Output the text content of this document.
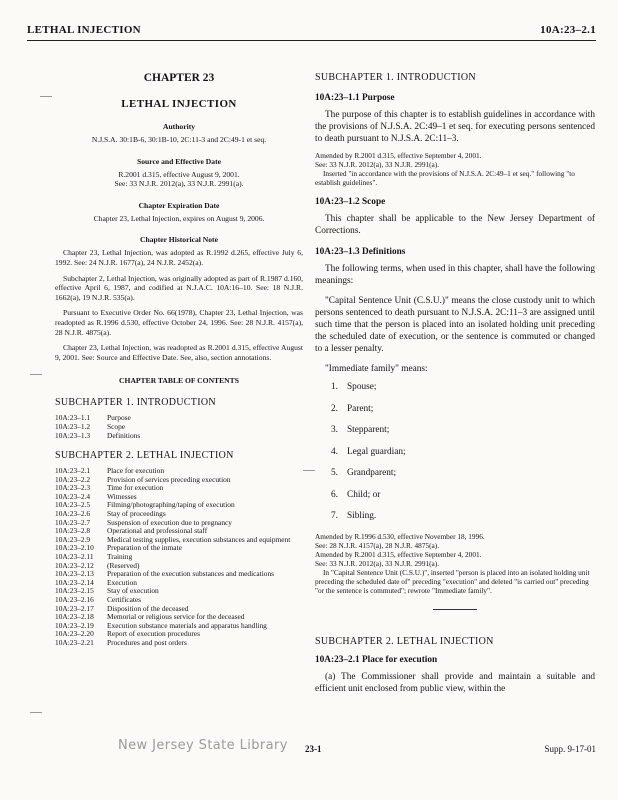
LETHAL INJECTION	10A:23–2.1
CHAPTER 23
LETHAL INJECTION
Authority
N.J.S.A. 30:1B-6, 30:1B-10, 2C:11-3 and 2C:49-1 et seq.
Source and Effective Date
R.2001 d.315, effective August 9, 2001.
See: 33 N.J.R. 2012(a), 33 N.J.R. 2991(a).
Chapter Expiration Date
Chapter 23, Lethal Injection, expires on August 9, 2006.
Chapter Historical Note

Chapter 23, Lethal Injection, was adopted as R.1992 d.265, effective July 6, 1992. See: 24 N.J.R. 1677(a), 24 N.J.R. 2452(a).

Subchapter 2, Lethal Injection, was originally adopted as part of R.1987 d.160, effective April 6, 1987, and codified at N.J.A.C. 10A:16–10. See: 18 N.J.R. 1662(a), 19 N.J.R. 535(a).

Pursuant to Executive Order No. 66(1978), Chapter 23, Lethal Injection, was readopted as R.1996 d.530, effective October 24, 1996. See: 28 N.J.R. 4157(a), 28 N.J.R. 4875(a).

Chapter 23, Lethal Injection, was readopted as R.2001 d.315, effective August 9, 2001. See: Source and Effective Date. See, also, section annotations.

CHAPTER TABLE OF CONTENTS
SUBCHAPTER 1. INTRODUCTION
10A:23–1.1	Purpose
10A:23–1.2	Scope
10A:23–1.3	Definitions
SUBCHAPTER 2. LETHAL INJECTION
10A:23–2.1	Place for execution
10A:23–2.2	Provision of services preceding execution
10A:23–2.3	Time for execution
10A:23–2.4	Witnesses
10A:23–2.5	Filming/photographing/taping of execution
10A:23–2.6	Stay of proceedings
10A:23–2.7	Suspension of execution due to pregnancy
10A:23–2.8	Operational and professional staff
10A:23–2.9	Medical testing supplies, execution substances and equipment
10A:23–2.10	Preparation of the inmate
10A:23–2.11	Training
10A:23–2.12	(Reserved)
10A:23–2.13	Preparation of the execution substances and medications
10A:23–2.14	Execution
10A:23–2.15	Stay of execution
10A:23–2.16	Certificates
10A:23–2.17	Disposition of the deceased
10A:23–2.18	Memorial or religious service for the deceased
10A:23–2.19	Execution substance materials and apparatus handling
10A:23–2.20	Report of execution procedures
10A:23–2.21	Procedures and post orders
SUBCHAPTER 1. INTRODUCTION
10A:23–1.1 Purpose

The purpose of this chapter is to establish guidelines in accordance with the provisions of N.J.S.A. 2C:49–1 et seq. for executing persons sentenced to death pursuant to N.J.S.A. 2C:11–3.

Amended by R.2001 d.315, effective September 4, 2001.
See: 33 N.J.R. 2012(a), 33 N.J.R. 2991(a).
Inserted "in accordance with the provisions of N.J.S.A. 2C:49–1 et seq." following "to establish guidelines".
10A:23–1.2 Scope

This chapter shall be applicable to the New Jersey Department of Corrections.

10A:23–1.3 Definitions

The following terms, when used in this chapter, shall have the following meanings:

"Capital Sentence Unit (C.S.U.)" means the close custody unit to which persons sentenced to death pursuant to N.J.S.A. 2C:11–3 are assigned until such time that the person is placed into an isolated holding unit preceding the scheduled date of execution, or the sentence is commuted or changed to a lesser penalty.

"Immediate family" means:

1. Spouse;
2. Parent;
3. Stepparent;
4. Legal guardian;
5. Grandparent;
6. Child; or
7. Sibling.
Amended by R.1996 d.530, effective November 18, 1996.
See: 28 N.J.R. 4157(a), 28 N.J.R. 4875(a).
Amended by R.2001 d.315, effective September 4, 2001.
See: 33 N.J.R. 2012(a), 33 N.J.R. 2991(a).
In "Capital Sentence Unit (C.S.U.)", inserted "person is placed into an isolated holding unit preceding the scheduled date of" preceding "execution" and deleted "is carried out" preceding "or the sentence is commuted"; rewrote "Immediate family".
SUBCHAPTER 2. LETHAL INJECTION
10A:23–2.1 Place for execution

(a) The Commissioner shall provide and maintain a suitable and efficient unit enclosed from public view, within the

New Jersey State Library 23-1	Supp. 9-17-01
